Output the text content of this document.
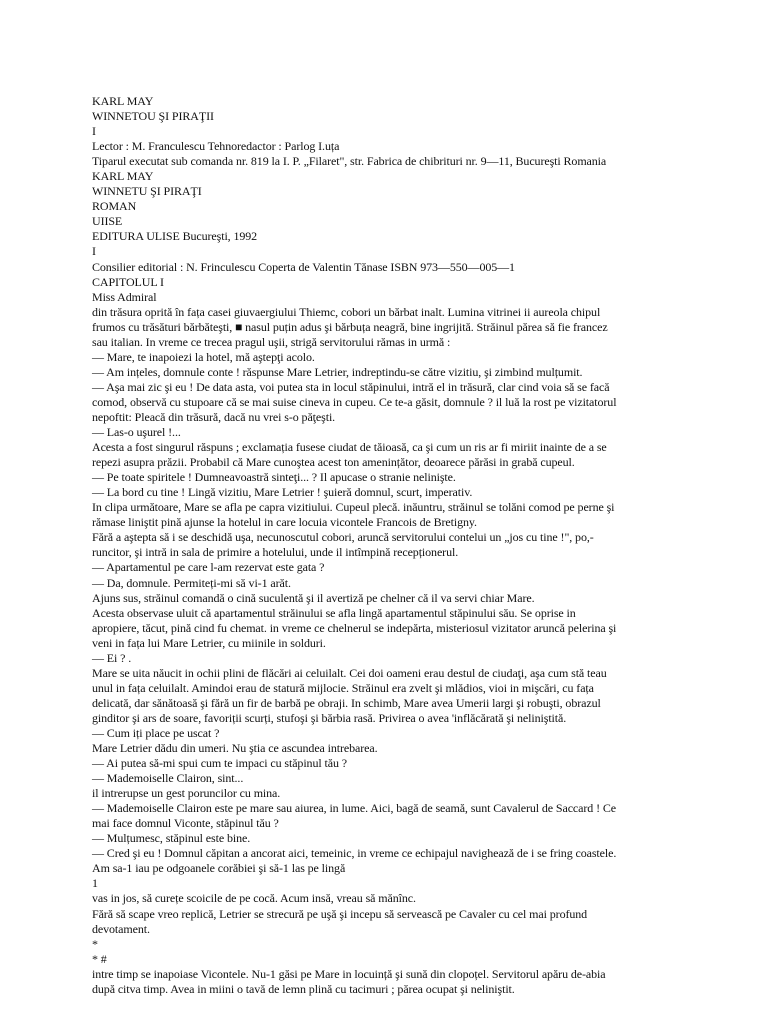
KARL MAY
WINNETOU ŞI PIRAŢII
I
Lector : M. Franculescu Tehnoredactor : Parlog I.uța
Tiparul executat sub comanda nr. 819 la I. P. „Filaret", str. Fabrica de chibrituri nr. 9—11, Bucureşti Romania
KARL MAY
WINNETU ŞI PIRAŢI
ROMAN
UIISE
EDITURA ULISE Bucureşti, 1992
I
Consilier editorial : N. Frinculescu Coperta de Valentin Tănase ISBN 973—550—005—1
CAPITOLUL I
Miss Admiral
din trăsura oprită în fața casei giuvaergiului Thiemc, cobori un bărbat inalt. Lumina vitrinei ii aureola chipul
frumos cu trăsături bărbăteşti, ■ nasul puțin adus şi bărbuța neagră, bine ingrijită. Străinul părea să fie francez
sau italian. In vreme ce trecea pragul uşii, strigă servitorului rămas in urmă :
— Mare, te inapoiezi la hotel, mă aştepţi acolo.
— Am ințeles, domnule conte ! răspunse Mare Letrier, indreptindu-se către vizitiu, şi zimbind mulțumit.
— Aşa mai zic şi eu ! De data asta, voi putea sta in locul stăpinului, intră el in trăsură, clar cind voia să se facă
comod, observă cu stupoare că se mai suise cineva in cupeu. Ce te-a găsit, domnule ? il luă la rost pe vizitatorul
nepoftit: Pleacă din trăsură, dacă nu vrei s-o păţeşti.
— Las-o uşurel !...
Acesta a fost singurul răspuns ; exclamația fusese ciudat de tăioasă, ca şi cum un ris ar fi miriit inainte de a se
repezi asupra prăzii. Probabil că Mare cunoştea acest ton amenințător, deoarece părăsi in grabă cupeul.
— Pe toate spiritele ! Dumneavoastră sinteţi... ? Il apucase o stranie nelinişte.
— La bord cu tine ! Lingă vizitiu, Mare Letrier ! şuieră domnul, scurt, imperativ.
In clipa următoare, Mare se afla pe capra vizitiului. Cupeul plecă. inăuntru, străinul se tolăni comod pe perne şi
rămase liniştit pină ajunse la hotelul in care locuia vicontele Francois de Bretigny.
Fără a aştepta să i se deschidă uşa, necunoscutul cobori, aruncă servitorului contelui un „jos cu tine !", po,-
runcitor, şi intră in sala de primire a hotelului, unde il intîmpină recepționerul.
— Apartamentul pe care l-am rezervat este gata ?
— Da, domnule. Permiteți-mi să vi-1 arăt.
Ajuns sus, străinul comandă o cină suculentă şi il avertiză pe chelner că il va servi chiar Mare.
Acesta observase uluit că apartamentul străinului se afla lingă apartamentul stăpinului său. Se oprise in
apropiere, tăcut, pină cind fu chemat. in vreme ce chelnerul se indepărta, misteriosul vizitator aruncă pelerina şi
veni in fața lui Mare Letrier, cu miinile in solduri.
— Ei ? .
Mare se uita năucit in ochii plini de flăcări ai celuilalt. Cei doi oameni erau destul de ciudaţi, aşa cum stă teau
unul in fața celuilalt. Amindoi erau de statură mijlocie. Străinul era zvelt şi mlădios, vioi in mişcări, cu fața
delicată, dar sănătoasă şi fără un fir de barbă pe obraji. In schimb, Mare avea Umerii largi şi robuşti, obrazul
ginditor şi ars de soare, favoriții scurți, stufoşi şi bărbia rasă. Privirea o avea 'inflăcărată şi neliniştită.
— Cum iți place pe uscat ?
Mare Letrier dădu din umeri. Nu ştia ce ascundea intrebarea.
— Ai putea să-mi spui cum te impaci cu stăpinul tău ?
— Mademoiselle Clairon, sint...
il intrerupse un gest poruncilor cu mina.
— Mademoiselle Clairon este pe mare sau aiurea, in lume. Aici, bagă de seamă, sunt Cavalerul de Saccard ! Ce
mai face domnul Viconte, stăpinul tău ?
— Mulțumesc, stăpinul este bine.
— Cred şi eu ! Domnul căpitan a ancorat aici, temeinic, in vreme ce echipajul navighează de i se fring coastele.
Am sa-1 iau pe odgoanele corăbiei şi să-1 las pe lingă
1
vas in jos, să curețe scoicile de pe cocă. Acum insă, vreau să mănînc.
Fără să scape vreo replică, Letrier se strecură pe uşă şi incepu să servească pe Cavaler cu cel mai profund
devotament.
*
* #
intre timp se inapoiase Vicontele. Nu-1 găsi pe Mare in locuință şi sună din clopoțel. Servitorul apăru de-abia
după citva timp. Avea in miini o tavă de lemn plină cu tacimuri ; părea ocupat şi neliniştit.
